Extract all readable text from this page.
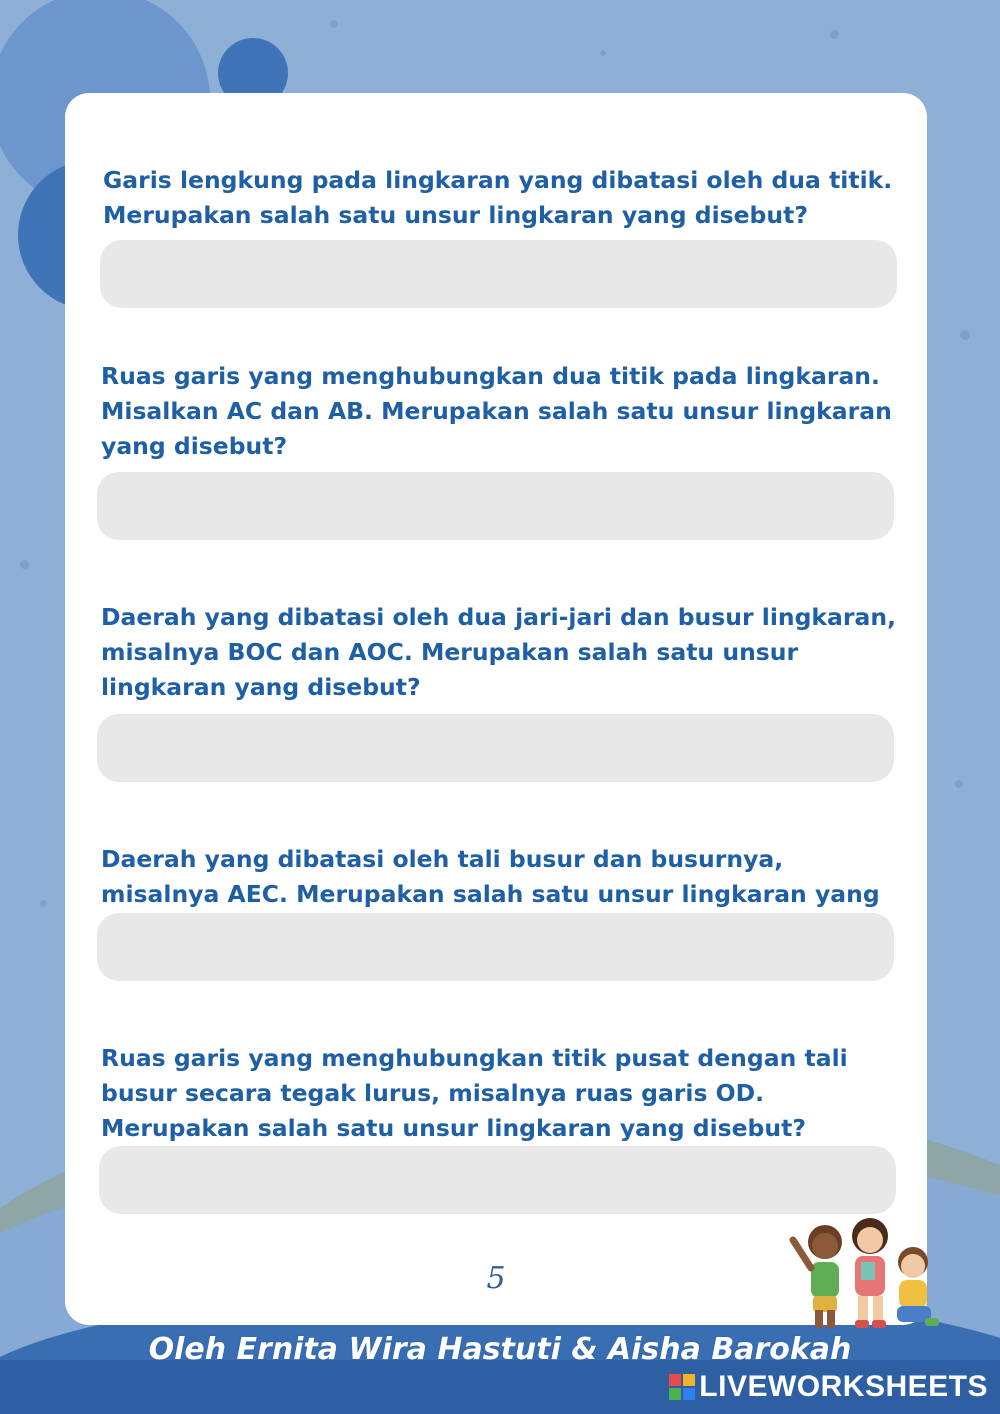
Garis lengkung pada lingkaran yang dibatasi oleh dua titik. Merupakan salah satu unsur lingkaran yang disebut?
Ruas garis yang menghubungkan dua titik pada lingkaran. Misalkan AC dan AB. Merupakan salah satu unsur lingkaran yang disebut?
Daerah yang dibatasi oleh dua jari-jari dan busur lingkaran, misalnya BOC dan AOC. Merupakan salah satu unsur lingkaran yang disebut?
Daerah yang dibatasi oleh tali busur dan busurnya, misalnya AEC. Merupakan salah satu unsur lingkaran yang
Ruas garis yang menghubungkan titik pusat dengan tali busur secara tegak lurus, misalnya ruas garis OD. Merupakan salah satu unsur lingkaran yang disebut?
5
Oleh Ernita Wira Hastuti & Aisha Barokah
LIVEWORKSHEETS
